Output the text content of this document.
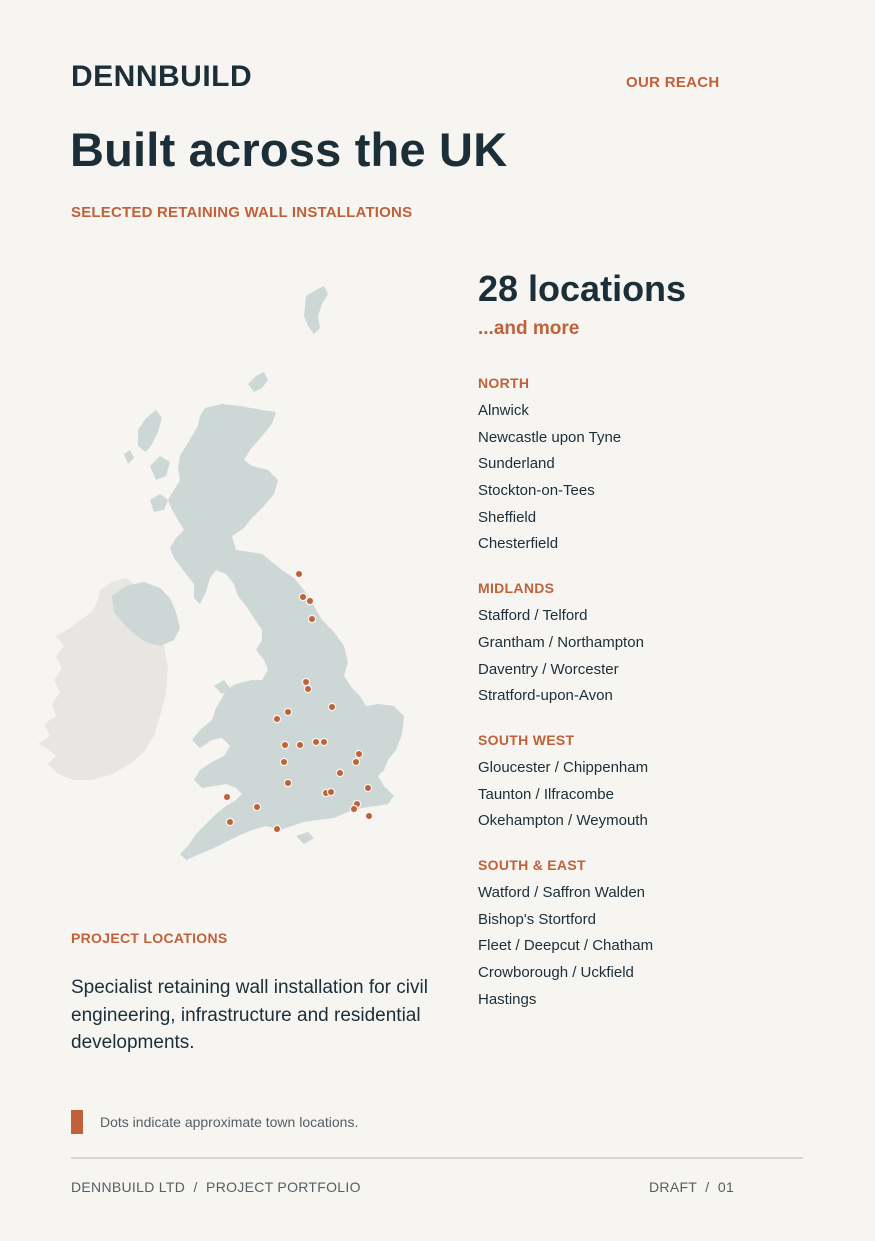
DENNBUILD	OUR REACH
Built across the UK
SELECTED RETAINING WALL INSTALLATIONS
28 locations
...and more
NORTH
Alnwick
Newcastle upon Tyne
Sunderland
Stockton-on-Tees
Sheffield
Chesterfield
MIDLANDS
Stafford / Telford
Grantham / Northampton
Daventry / Worcester
Stratford-upon-Avon
SOUTH WEST
Gloucester / Chippenham
Taunton / Ilfracombe
Okehampton / Weymouth
SOUTH & EAST
Watford / Saffron Walden
Bishop's Stortford
Fleet / Deepcut / Chatham
Crowborough / Uckfield
Hastings
PROJECT LOCATIONS
Specialist retaining wall installation for civil engineering, infrastructure and residential developments.
Dots indicate approximate town locations.
DENNBUILD LTD  /  PROJECT PORTFOLIO	DRAFT  /  01
